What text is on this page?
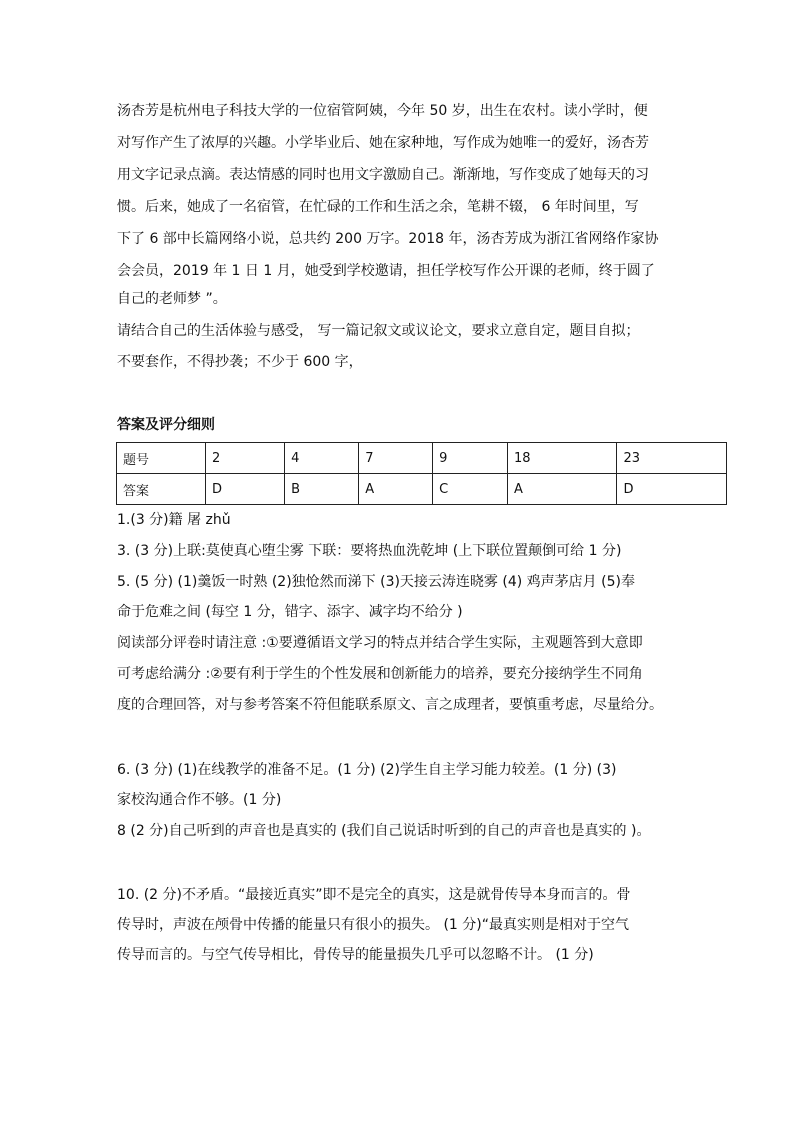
汤杏芳是杭州电子科技大学的一位宿管阿姨，今年 50 岁，出生在农村。读小学时，便
对写作产生了浓厚的兴趣。小学毕业后、她在家种地，写作成为她唯一的爱好，汤杏芳
用文字记录点滴。表达情感的同时也用文字激励自己。渐渐地，写作变成了她每天的习
惯。后来，她成了一名宿管，在忙碌的工作和生活之余，笔耕不辍， 6 年时间里，写
下了 6 部中长篇网络小说，总共约 200 万字。2018 年，汤杏芳成为浙江省网络作家协
会会员，2019 年 1 日 1 月，她受到学校邀请，担任学校写作公开课的老师，终于圆了
自己的老师梦 ”。
请结合自己的生活体验与感受， 写一篇记叙文或议论文，要求立意自定，题目自拟；
不要套作，不得抄袭；不少于 600 字，
答案及评分细则
题号	2	4	7	9	18	23
答案	D	B	A	C	A	D
1.(3 分)籍 屠 zhǔ
3. (3 分)上联:莫使真心堕尘雾 下联：要将热血洗乾坤 (上下联位置颠倒可给 1 分)
5. (5 分) (1)羹饭一时熟 (2)独怆然而涕下 (3)天接云涛连晓雾 (4) 鸡声茅店月 (5)奉
命于危难之间 (每空 1 分，错字、添字、减字均不给分 )
阅读部分评卷时请注意 :①要遵循语文学习的特点并结合学生实际，主观题答到大意即
可考虑给满分 :②要有利于学生的个性发展和创新能力的培养，要充分接纳学生不同角
度的合理回答，对与参考答案不符但能联系原文、言之成理者，要慎重考虑，尽量给分。
6. (3 分) (1)在线教学的准备不足。(1 分) (2)学生自主学习能力较差。(1 分) (3)
家校沟通合作不够。(1 分)
8 (2 分)自己听到的声音也是真实的 (我们自己说话时听到的自己的声音也是真实的 )。
10. (2 分)不矛盾。“最接近真实”即不是完全的真实，这是就骨传导本身而言的。骨
传导时，声波在颅骨中传播的能量只有很小的损失。 (1 分)“最真实则是相对于空气
传导而言的。与空气传导相比，骨传导的能量损失几乎可以忽略不计。 (1 分)
